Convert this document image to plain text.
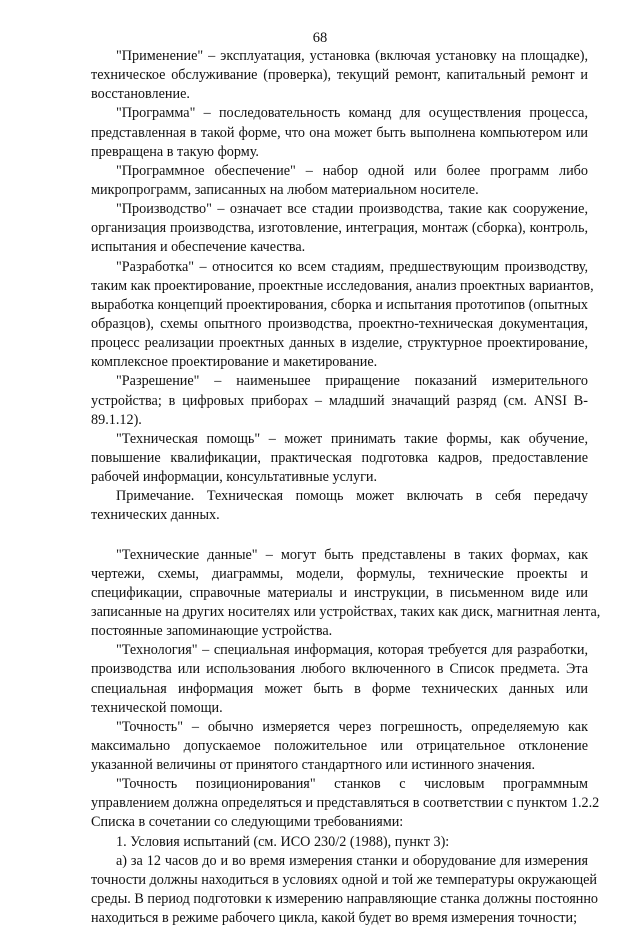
68
"Применение" – эксплуатация, установка (включая установку на площадке),
техническое обслуживание (проверка), текущий ремонт, капитальный ремонт и
восстановление.
"Программа" – последовательность команд для осуществления процесса,
представленная в такой форме, что она может быть выполнена компьютером или
превращена в такую форму.
"Программное обеспечение" – набор одной или более программ либо
микропрограмм, записанных на любом материальном носителе.
"Производство" – означает все стадии производства, такие как сооружение,
организация производства, изготовление, интеграция, монтаж (сборка), контроль,
испытания и обеспечение качества.
"Разработка" – относится ко всем стадиям, предшествующим производству,
таким как проектирование, проектные исследования, анализ проектных вариантов,
выработка концепций проектирования, сборка и испытания прототипов (опытных
образцов), схемы опытного производства, проектно-техническая документация,
процесс реализации проектных данных в изделие, структурное проектирование,
комплексное проектирование и макетирование.
"Разрешение" – наименьшее приращение показаний измерительного
устройства; в цифровых приборах – младший значащий разряд (см. ANSI B-
89.1.12).
"Техническая помощь" – может принимать такие формы, как обучение,
повышение квалификации, практическая подготовка кадров, предоставление
рабочей информации, консультативные услуги.
Примечание. Техническая помощь может включать в себя передачу
технических данных.
"Технические данные" – могут быть представлены в таких формах, как
чертежи, схемы, диаграммы, модели, формулы, технические проекты и
спецификации, справочные материалы и инструкции, в письменном виде или
записанные на других носителях или устройствах, таких как диск, магнитная лента,
постоянные запоминающие устройства.
"Технология" – специальная информация, которая требуется для разработки,
производства или использования любого включенного в Список предмета. Эта
специальная информация может быть в форме технических данных или
технической помощи.
"Точность" – обычно измеряется через погрешность, определяемую как
максимально допускаемое положительное или отрицательное отклонение
указанной величины от принятого стандартного или истинного значения.
"Точность позиционирования" станков с числовым программным
управлением должна определяться и представляться в соответствии с пунктом 1.2.2
Списка в сочетании со следующими требованиями:
1. Условия испытаний (см. ИСО 230/2 (1988), пункт 3):
а) за 12 часов до и во время измерения станки и оборудование для измерения
точности должны находиться в условиях одной и той же температуры окружающей
среды. В период подготовки к измерению направляющие станка должны постоянно
находиться в режиме рабочего цикла, какой будет во время измерения точности;
